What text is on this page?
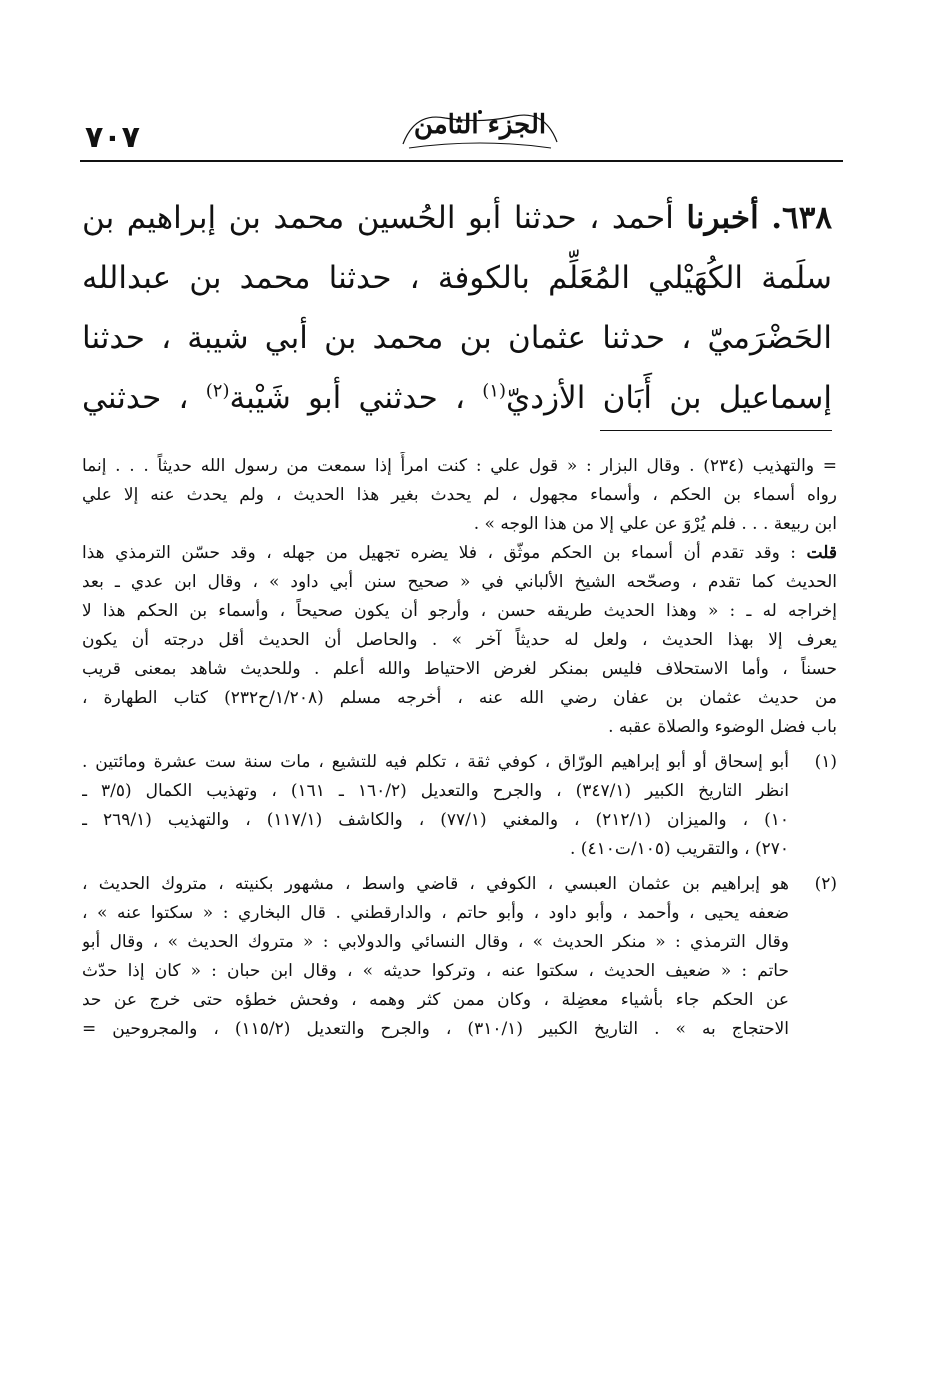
٧٠٧	الجزء الثامن
٦٣٨. أخبرنا أحمد ، حدثنا أبو الحُسين محمد بن إبراهيم بن
سلَمة الكُهَيْلي المُعَلِّم بالكوفة ، حدثنا محمد بن عبدالله
الحَضْرَميّ ، حدثنا عثمان بن محمد بن أبي شيبة ، حدثنا
إسماعيل بن أَبَان الأزديّ$^{(١)}$ ، حدثني أبو شَيْبة$^{(٢)}$ ، حدثني
= والتهذيب (٢٣٤) . وقال البزار : « قول علي : كنت امرأً إذا سمعت من رسول الله حديثاً . . . إنما
رواه أسماء بن الحكم ، وأسماء مجهول ، لم يحدث بغير هذا الحديث ، ولم يحدث عنه إلا علي
ابن ربيعة . . . فلم يُرْوَ عن علي إلا من هذا الوجه » .
قلت : وقد تقدم أن أسماء بن الحكم موثّق ، فلا يضره تجهيل من جهله ، وقد حسّن الترمذي هذا
الحديث كما تقدم ، وصحّحه الشيخ الألباني في « صحيح سنن أبي داود » ، وقال ابن عدي ـ بعد
إخراجه له ـ : « وهذا الحديث طريقه حسن ، وأرجو أن يكون صحيحاً ، وأسماء بن الحكم هذا لا
يعرف إلا بهذا الحديث ، ولعل له حديثاً آخر » . والحاصل أن الحديث أقل درجته أن يكون
حسناً ، وأما الاستحلاف فليس بمنكر لغرض الاحتياط والله أعلم . وللحديث شاهد بمعنى قريب
من حديث عثمان بن عفان رضي الله عنه ، أخرجه مسلم (١/٢٠٨/ح٢٣٢) كتاب الطهارة ،
باب فضل الوضوء والصلاة عقبه .
(١)أبو إسحاق أو أبو إبراهيم الورّاق ، كوفي ثقة ، تكلم فيه للتشيع ، مات سنة ست عشرة ومائتين .
انظر التاريخ الكبير (٣٤٧/١) ، والجرح والتعديل (١٦٠/٢ ـ ١٦١) ، وتهذيب الكمال (٣/٥ ـ
١٠) ، والميزان (٢١٢/١) ، والمغني (٧٧/١) ، والكاشف (١١٧/١) ، والتهذيب (٢٦٩/١ ـ
٢٧٠) ، والتقريب (١٠٥/ت٤١٠) .
(٢)هو إبراهيم بن عثمان العبسي ، الكوفي ، قاضي واسط ، مشهور بكنيته ، متروك الحديث ،
ضعفه يحيى ، وأحمد ، وأبو داود ، وأبو حاتم ، والدارقطني . قال البخاري : « سكتوا عنه » ،
وقال الترمذي : « منكر الحديث » ، وقال النسائي والدولابي : « متروك الحديث » ، وقال أبو
حاتم : « ضعيف الحديث ، سكتوا عنه ، وتركوا حديثه » ، وقال ابن حبان : « كان إذا حدّث
عن الحكم جاء بأشياء معضِلة ، وكان ممن كثر وهمه ، وفحش خطؤه حتى خرج عن حد
الاحتجاج به » . التاريخ الكبير (٣١٠/١) ، والجرح والتعديل (١١٥/٢) ، والمجروحين =
